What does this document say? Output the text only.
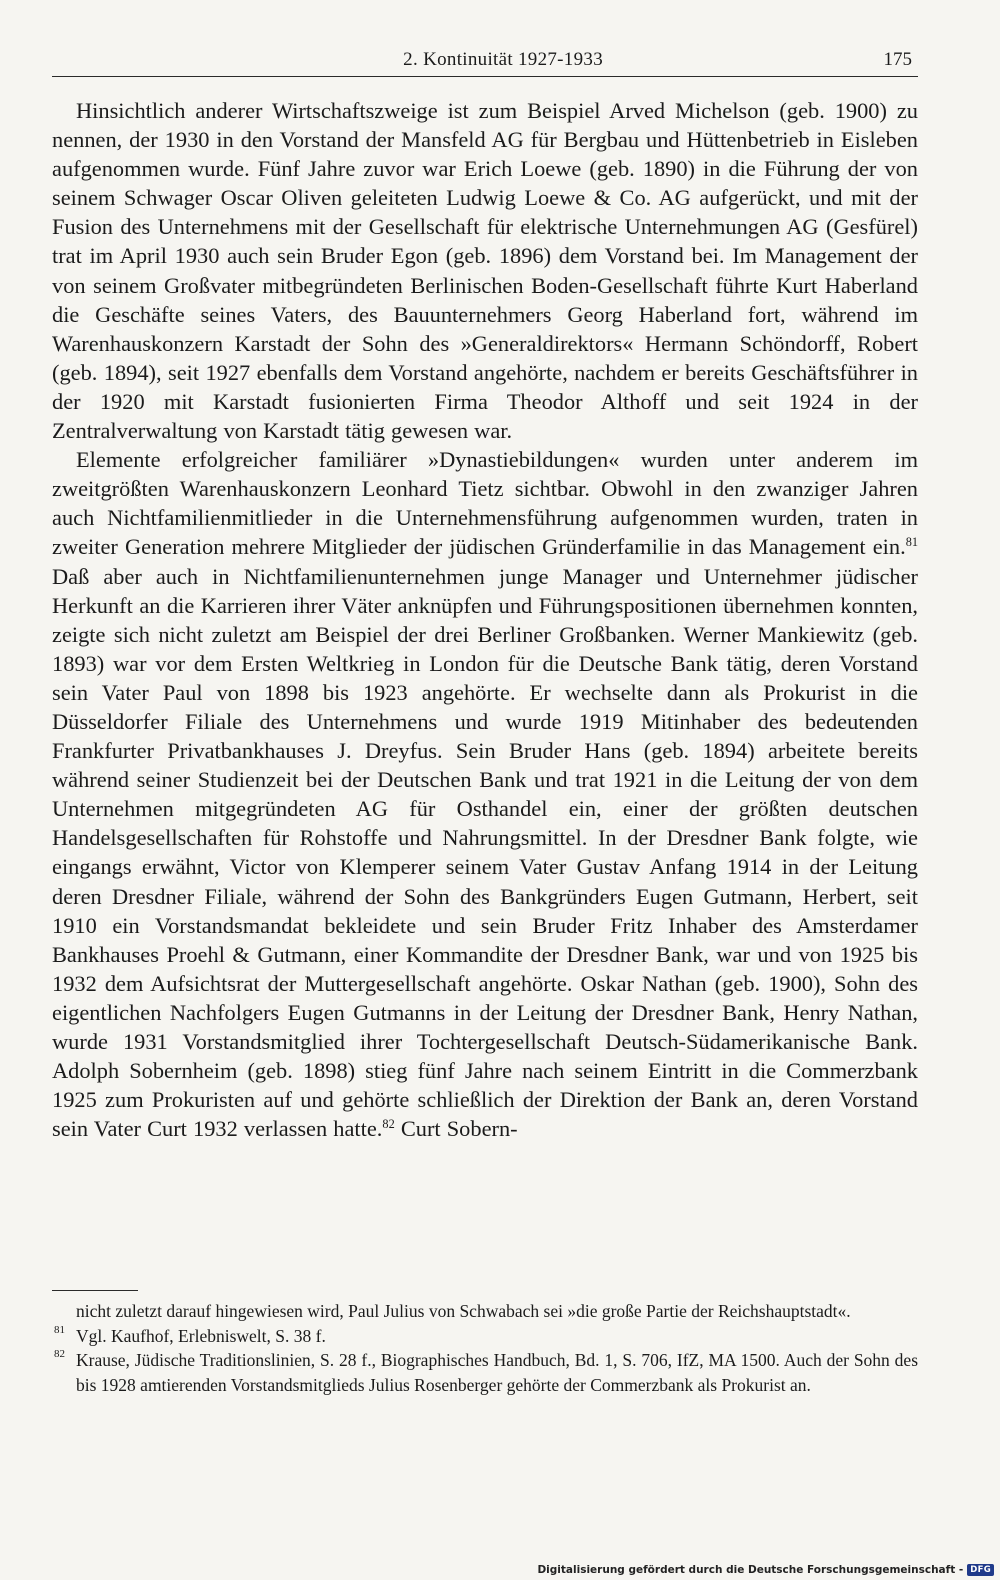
2. Kontinuität 1927-1933	175

Hinsichtlich anderer Wirtschaftszweige ist zum Beispiel Arved Michelson (geb. 1900) zu nennen, der 1930 in den Vorstand der Mansfeld AG für Bergbau und Hüttenbetrieb in Eisleben aufgenommen wurde. Fünf Jahre zuvor war Erich Loewe (geb. 1890) in die Führung der von seinem Schwager Oscar Oliven geleiteten Ludwig Loewe & Co. AG aufgerückt, und mit der Fusion des Unternehmens mit der Gesellschaft für elektrische Unternehmungen AG (Gesfürel) trat im April 1930 auch sein Bruder Egon (geb. 1896) dem Vorstand bei. Im Management der von seinem Großvater mitbegründeten Berlinischen Boden-Gesellschaft führte Kurt Haberland die Geschäfte seines Vaters, des Bauunternehmers Georg Haberland fort, während im Warenhauskonzern Karstadt der Sohn des »Generaldirektors« Hermann Schöndorff, Robert (geb. 1894), seit 1927 ebenfalls dem Vorstand angehörte, nachdem er bereits Geschäftsführer in der 1920 mit Karstadt fusionierten Firma Theodor Althoff und seit 1924 in der Zentralverwaltung von Karstadt tätig gewesen war.

Elemente erfolgreicher familiärer »Dynastiebildungen« wurden unter anderem im zweitgrößten Warenhauskonzern Leonhard Tietz sichtbar. Obwohl in den zwanziger Jahren auch Nichtfamilienmitlieder in die Unternehmensführung aufgenommen wurden, traten in zweiter Generation mehrere Mitglieder der jüdischen Gründerfamilie in das Management ein.$^{81}$ Daß aber auch in Nichtfamilienunternehmen junge Manager und Unternehmer jüdischer Herkunft an die Karrieren ihrer Väter anknüpfen und Führungspositionen übernehmen konnten, zeigte sich nicht zuletzt am Beispiel der drei Berliner Großbanken. Werner Mankiewitz (geb. 1893) war vor dem Ersten Weltkrieg in London für die Deutsche Bank tätig, deren Vorstand sein Vater Paul von 1898 bis 1923 angehörte. Er wechselte dann als Prokurist in die Düsseldorfer Filiale des Unternehmens und wurde 1919 Mitinhaber des bedeutenden Frankfurter Privatbankhauses J. Dreyfus. Sein Bruder Hans (geb. 1894) arbeitete bereits während seiner Studienzeit bei der Deutschen Bank und trat 1921 in die Leitung der von dem Unternehmen mitgegründeten AG für Osthandel ein, einer der größten deutschen Handelsgesellschaften für Rohstoffe und Nahrungsmittel. In der Dresdner Bank folgte, wie eingangs erwähnt, Victor von Klemperer seinem Vater Gustav Anfang 1914 in der Leitung deren Dresdner Filiale, während der Sohn des Bankgründers Eugen Gutmann, Herbert, seit 1910 ein Vorstandsmandat bekleidete und sein Bruder Fritz Inhaber des Amsterdamer Bankhauses Proehl & Gutmann, einer Kommandite der Dresdner Bank, war und von 1925 bis 1932 dem Aufsichtsrat der Muttergesellschaft angehörte. Oskar Nathan (geb. 1900), Sohn des eigentlichen Nachfolgers Eugen Gutmanns in der Leitung der Dresdner Bank, Henry Nathan, wurde 1931 Vorstandsmitglied ihrer Tochtergesellschaft Deutsch-Südamerikanische Bank. Adolph Sobernheim (geb. 1898) stieg fünf Jahre nach seinem Eintritt in die Commerzbank 1925 zum Prokuristen auf und gehörte schließlich der Direktion der Bank an, deren Vorstand sein Vater Curt 1932 verlassen hatte.$^{82}$ Curt Sobern-

nicht zuletzt darauf hingewiesen wird, Paul Julius von Schwabach sei »die große Partie der Reichshauptstadt«.

81 Vgl. Kaufhof, Erlebniswelt, S. 38 f.

82 Krause, Jüdische Traditionslinien, S. 28 f., Biographisches Handbuch, Bd. 1, S. 706, IfZ, MA 1500. Auch der Sohn des bis 1928 amtierenden Vorstandsmitglieds Julius Rosenberger gehörte der Commerzbank als Prokurist an.

Digitalisierung gefördert durch die Deutsche Forschungsgemeinschaft - DFG
